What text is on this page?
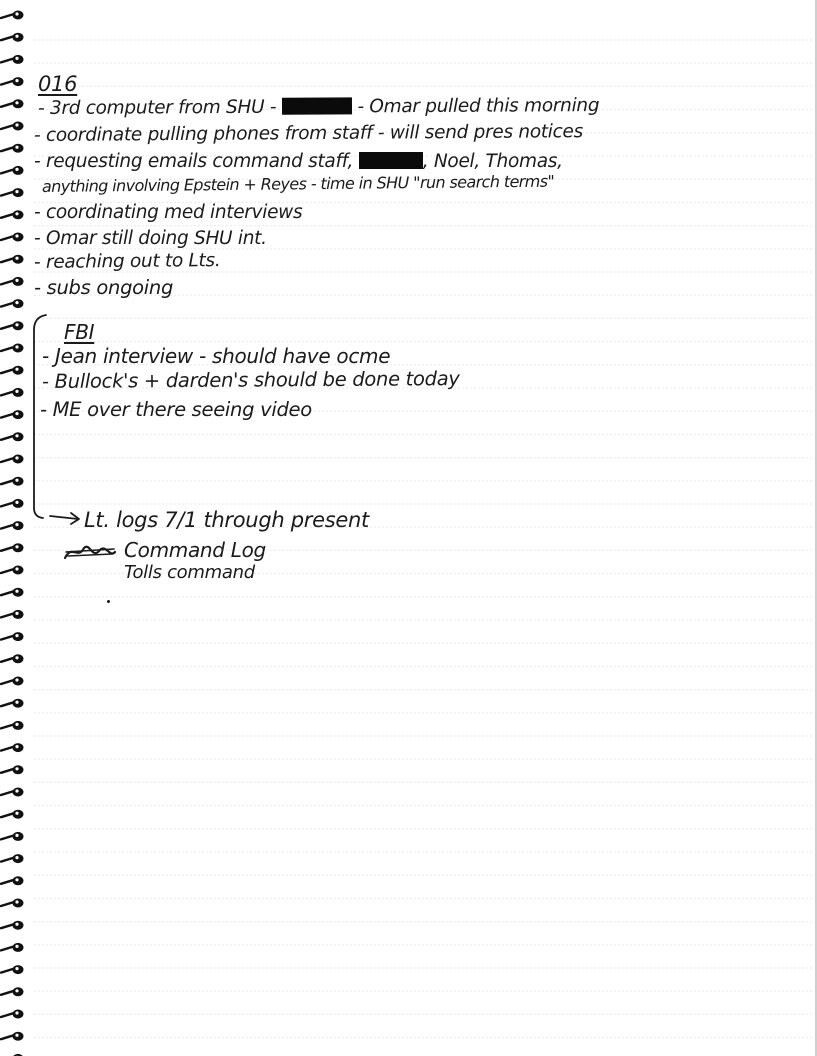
016
- 3rd computer from SHU -	- Omar pulled this morning
- coordinate pulling phones from staff - will send pres notices
- requesting emails command staff,	, Noel, Thomas,
anything involving Epstein + Reyes - time in SHU "run search terms"
- coordinating med interviews
- Omar still doing SHU int.
- reaching out to Lts.
- subs ongoing
FBI
- Jean interview - should have ocme
- Bullock's + darden's should be done today
- ME over there seeing video
Lt. logs 7/1 through present
Command Log
Tolls command
